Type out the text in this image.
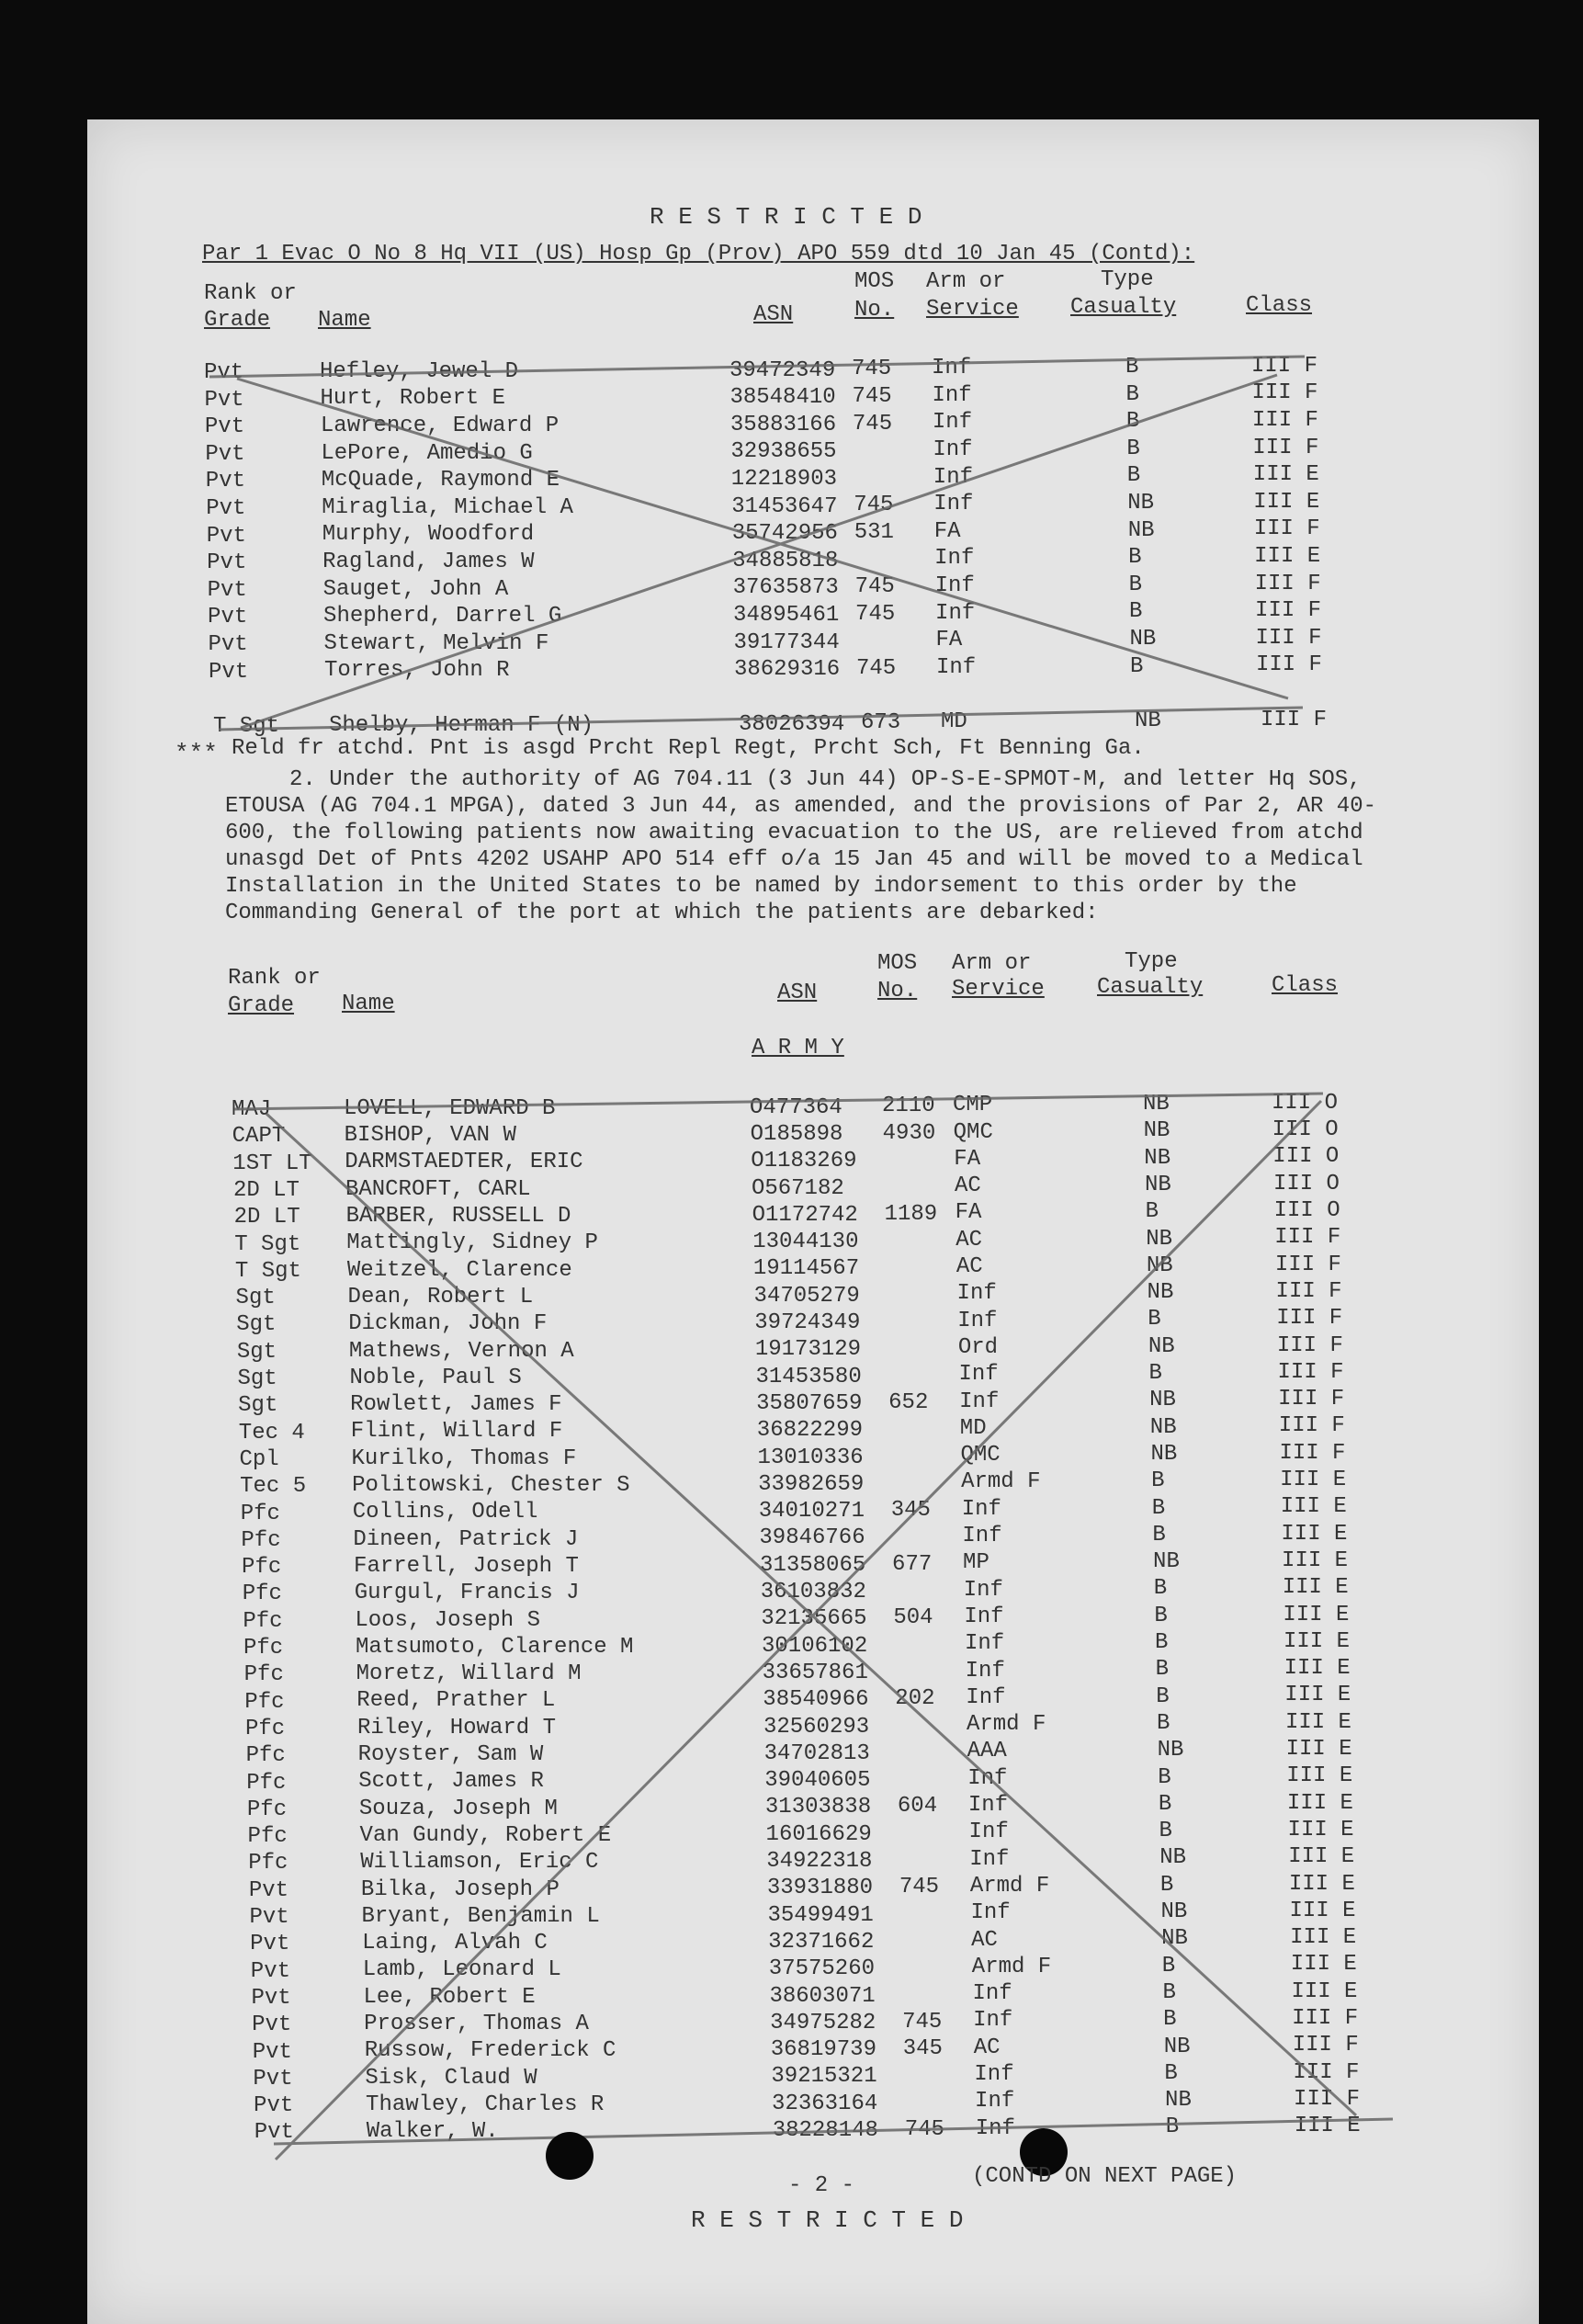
R E S T R I C T E D
Par 1 Evac O No 8 Hq VII (US) Hosp Gp (Prov) APO 559 dtd 10 Jan 45 (Contd):
Rank or
Grade Name	ASN
MOS
No.
Arm or
Service
Type
Casualty	Class
Pvt	Hefley, Jewel D	39472349 745 Inf	B	III F
Pvt	Hurt, Robert E	38548410 745 Inf	B	III F
Pvt	Lawrence, Edward P	35883166 745 Inf	B	III F
Pvt	LePore, Amedio G	32938655	Inf	B	III F
Pvt	McQuade, Raymond E	12218903	Inf	B	III E
Pvt	Miraglia, Michael A	31453647 745 Inf	NB	III E
Pvt	Murphy, Woodford	35742956 531 FA	NB	III F
Pvt	Ragland, James W	34885818	Inf	B	III E
Pvt	Sauget, John A	37635873 745 Inf	B	III F
Pvt	Shepherd, Darrel G	34895461 745 Inf	B	III F
Pvt	Stewart, Melvin F	39177344	FA	NB	III F
Pvt	Torres, John R	38629316 745 Inf	B	III F
T Sgt Shelby, Herman F (N)	38026394 673 MD	NB	III F
*** Reld fr atchd. Pnt is asgd Prcht Repl Regt, Prcht Sch, Ft Benning Ga.
2. Under the authority of AG 704.11 (3 Jun 44) OP-S-E-SPMOT-M, and letter Hq SOS, ETOUSA (AG 704.1 MPGA), dated 3 Jun 44, as amended, and the provisions of Par 2, AR 40-600, the following patients now awaiting evacuation to the US, are relieved from atchd unasgd Det of Pnts 4202 USAHP APO 514 eff o/a 15 Jan 45 and will be moved to a Medical Installation in the United States to be named by indorsement to this order by the Commanding General of the port at which the patients are debarked:
Rank or
Grade Name	ASN
MOS
No.
Arm or
Service
Type
Casualty	Class
A R M Y
MAJ	LOVELL, EDWARD B	O477364 2110 CMP	NB	III O
CAPT	BISHOP, VAN W	O185898 4930 QMC	NB	III O
1ST LT DARMSTAEDTER, ERIC	O1183269	FA	NB	III O
2D LT BANCROFT, CARL	O567182	AC	NB	III O
2D LT BARBER, RUSSELL D	O1172742 1189 FA	B	III O
T Sgt Mattingly, Sidney P	13044130	AC	NB	III F
T Sgt Weitzel, Clarence	19114567	AC	NB	III F
Sgt	Dean, Robert L	34705279	Inf	NB	III F
Sgt	Dickman, John F	39724349	Inf	B	III F
Sgt	Mathews, Vernon A	19173129	Ord	NB	III F
Sgt	Noble, Paul S	31453580	Inf	B	III F
Sgt	Rowlett, James F	35807659 652 Inf	NB	III F
Tec 4 Flint, Willard F	36822299	MD	NB	III F
Cpl	Kurilko, Thomas F	13010336	QMC	NB	III F
Tec 5 Politowski, Chester S	33982659	Armd F	B	III E
Pfc	Collins, Odell	34010271 345 Inf	B	III E
Pfc	Dineen, Patrick J	39846766	Inf	B	III E
Pfc	Farrell, Joseph T	31358065 677 MP	NB	III E
Pfc	Gurgul, Francis J	36103832	Inf	B	III E
Pfc	Loos, Joseph S	32135665 504 Inf	B	III E
Pfc	Matsumoto, Clarence M	30106102	Inf	B	III E
Pfc	Moretz, Willard M	33657861	Inf	B	III E
Pfc	Reed, Prather L	38540966 202 Inf	B	III E
Pfc	Riley, Howard T	32560293	Armd F	B	III E
Pfc	Royster, Sam W	34702813	AAA	NB	III E
Pfc	Scott, James R	39040605	Inf	B	III E
Pfc	Souza, Joseph M	31303838 604 Inf	B	III E
Pfc	Van Gundy, Robert E	16016629	Inf	B	III E
Pfc	Williamson, Eric C	34922318	Inf	NB	III E
Pvt	Bilka, Joseph P	33931880 745 Armd F	B	III E
Pvt	Bryant, Benjamin L	35499491	Inf	NB	III E
Pvt	Laing, Alvah C	32371662	AC	NB	III E
Pvt	Lamb, Leonard L	37575260	Armd F	B	III E
Pvt	Lee, Robert E	38603071	Inf	B	III E
Pvt	Prosser, Thomas A	34975282 745 Inf	B	III F
Pvt	Russow, Frederick C	36819739 345 AC	NB	III F
Pvt	Sisk, Claud W	39215321	Inf	B	III F
Pvt	Thawley, Charles R	32363164	Inf	NB	III F
Pvt	Walker, W.	38228148 745 Inf	B	III E
- 2 -	(CONTD ON NEXT PAGE)
R E S T R I C T E D
